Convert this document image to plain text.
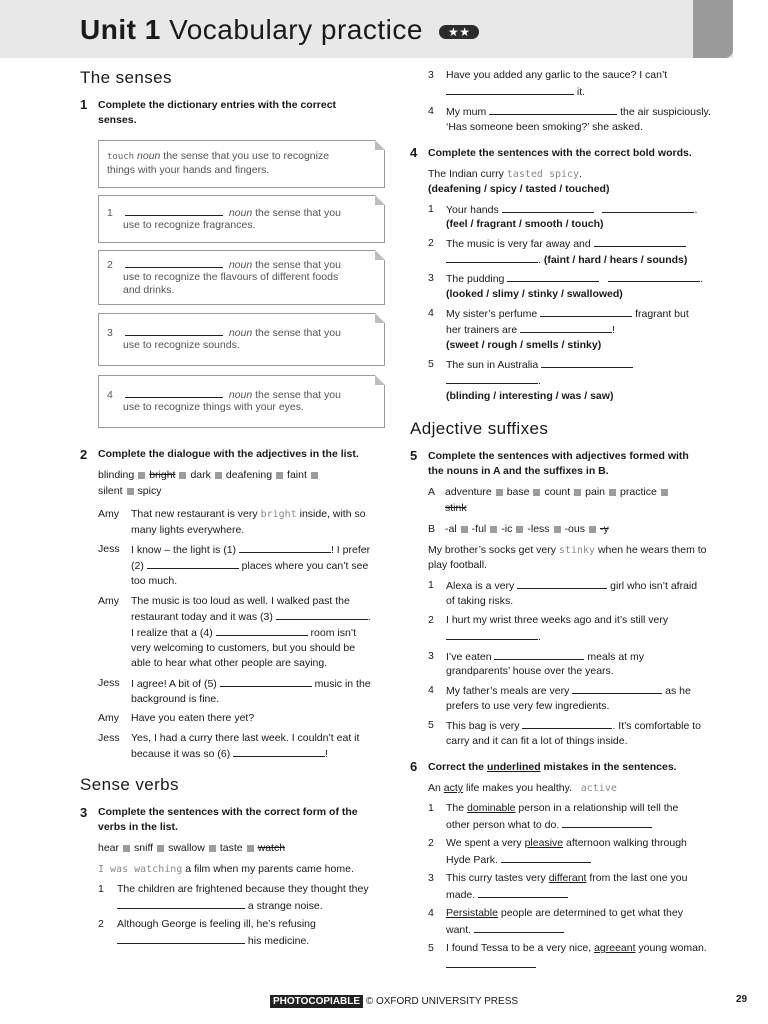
Unit 1 Vocabulary practice ★★
The senses
1 Complete the dictionary entries with the correct
senses.
touch noun the sense that you use to recognize
things with your hands and fingers.
1	noun the sense that you
use to recognize fragrances.
2	noun the sense that you
use to recognize the flavours of different foods
and drinks.
3	noun the sense that you
use to recognize sounds.
4	noun the sense that you
use to recognize things with your eyes.
2 Complete the dialogue with the adjectives in the list.
blinding bright dark deafening faint
silent spicy
Amy That new restaurant is very bright inside, with so
many lights everywhere.
Jess I know – the light is (1)	! I prefer
(2)	places where you can’t see
too much.
Amy The music is too loud as well. I walked past the
restaurant today and it was (3)	.
I realize that a (4)	room isn’t
very welcoming to customers, but you should be
able to hear what other people are saying.
Jess I agree! A bit of (5)	music in the
background is fine.
Amy Have you eaten there yet?
Jess Yes, I had a curry there last week. I couldn’t eat it
because it was so (6)	!
Sense verbs
3 Complete the sentences with the correct form of the
verbs in the list.
hear sniff swallow taste watch
I was watching a film when my parents came home.
1 The children are frightened because they thought they
a strange noise.
2 Although George is feeling ill, he’s refusing
his medicine.
3 Have you added any garlic to the sauce? I can’t
it.
4 My mum	the air suspiciously.
‘Has someone been smoking?’ she asked.
4 Complete the sentences with the correct bold words.
The Indian curry tasted spicy.
(deafening / spicy / tasted / touched)
1 Your hands	.
(feel / fragrant / smooth / touch)
2 The music is very far away and
. (faint / hard / hears / sounds)
3 The pudding	.
(looked / slimy / stinky / swallowed)
4 My sister’s perfume	fragrant but
her trainers are	!
(sweet / rough / smells / stinky)
5 The sun in Australia
.
(blinding / interesting / was / saw)
Adjective suffixes
5 Complete the sentences with adjectives formed with
the nouns in A and the suffixes in B.
A adventure base count pain practice
stink
B -al -ful -ic -less -ous -y
My brother’s socks get very stinky when he wears them to
play football.
1 Alexa is a very	girl who isn’t afraid
of taking risks.
2 I hurt my wrist three weeks ago and it’s still very
.
3 I’ve eaten	meals at my
grandparents’ house over the years.
4 My father’s meals are very	as he
prefers to use very few ingredients.
5 This bag is very	. It’s comfortable to
carry and it can fit a lot of things inside.
6 Correct the underlined mistakes in the sentences.
An acty life makes you healthy. active
1 The dominable person in a relationship will tell the
other person what to do.
2 We spent a very pleasive afternoon walking through
Hyde Park.
3 This curry tastes very differant from the last one you
made.
4 Persistable people are determined to get what they
want.
5 I found Tessa to be a very nice, agreeant young woman.
PHOTOCOPIABLE © OXFORD UNIVERSITY PRESS	29
